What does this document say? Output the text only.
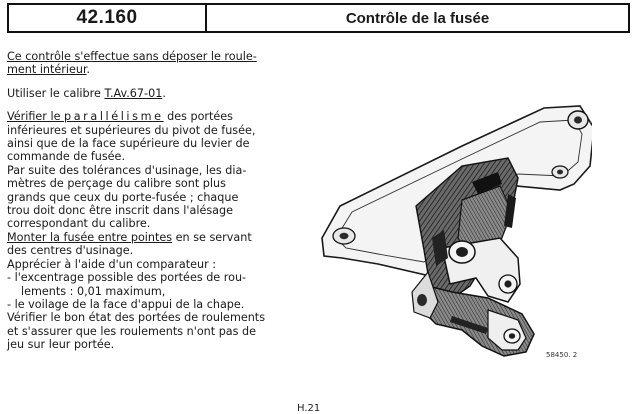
42.160	Contrôle de la fusée

Ce contrôle s'effectue sans déposer le roule-
ment intérieur.

Utiliser le calibre T.Av.67-01.

Vérifier le parallélisme des portées
inférieures et supérieures du pivot de fusée,
ainsi que de la face supérieure du levier de
commande de fusée.
Par suite des tolérances d'usinage, les dia-
mètres de perçage du calibre sont plus
grands que ceux du porte-fusée ; chaque
trou doit donc être inscrit dans l'alésage
correspondant du calibre.

Monter la fusée entre pointes en se servant
des centres d'usinage.

Apprécier à l'aide d'un comparateur :
- l'excentrage possible des portées de rou-
lements : 0,01 maximum,
- le voilage de la face d'appui de la chape.

Vérifier le bon état des portées de roulements
et s'assurer que les roulements n'ont pas de
jeu sur leur portée.

58450. 2
H.21
